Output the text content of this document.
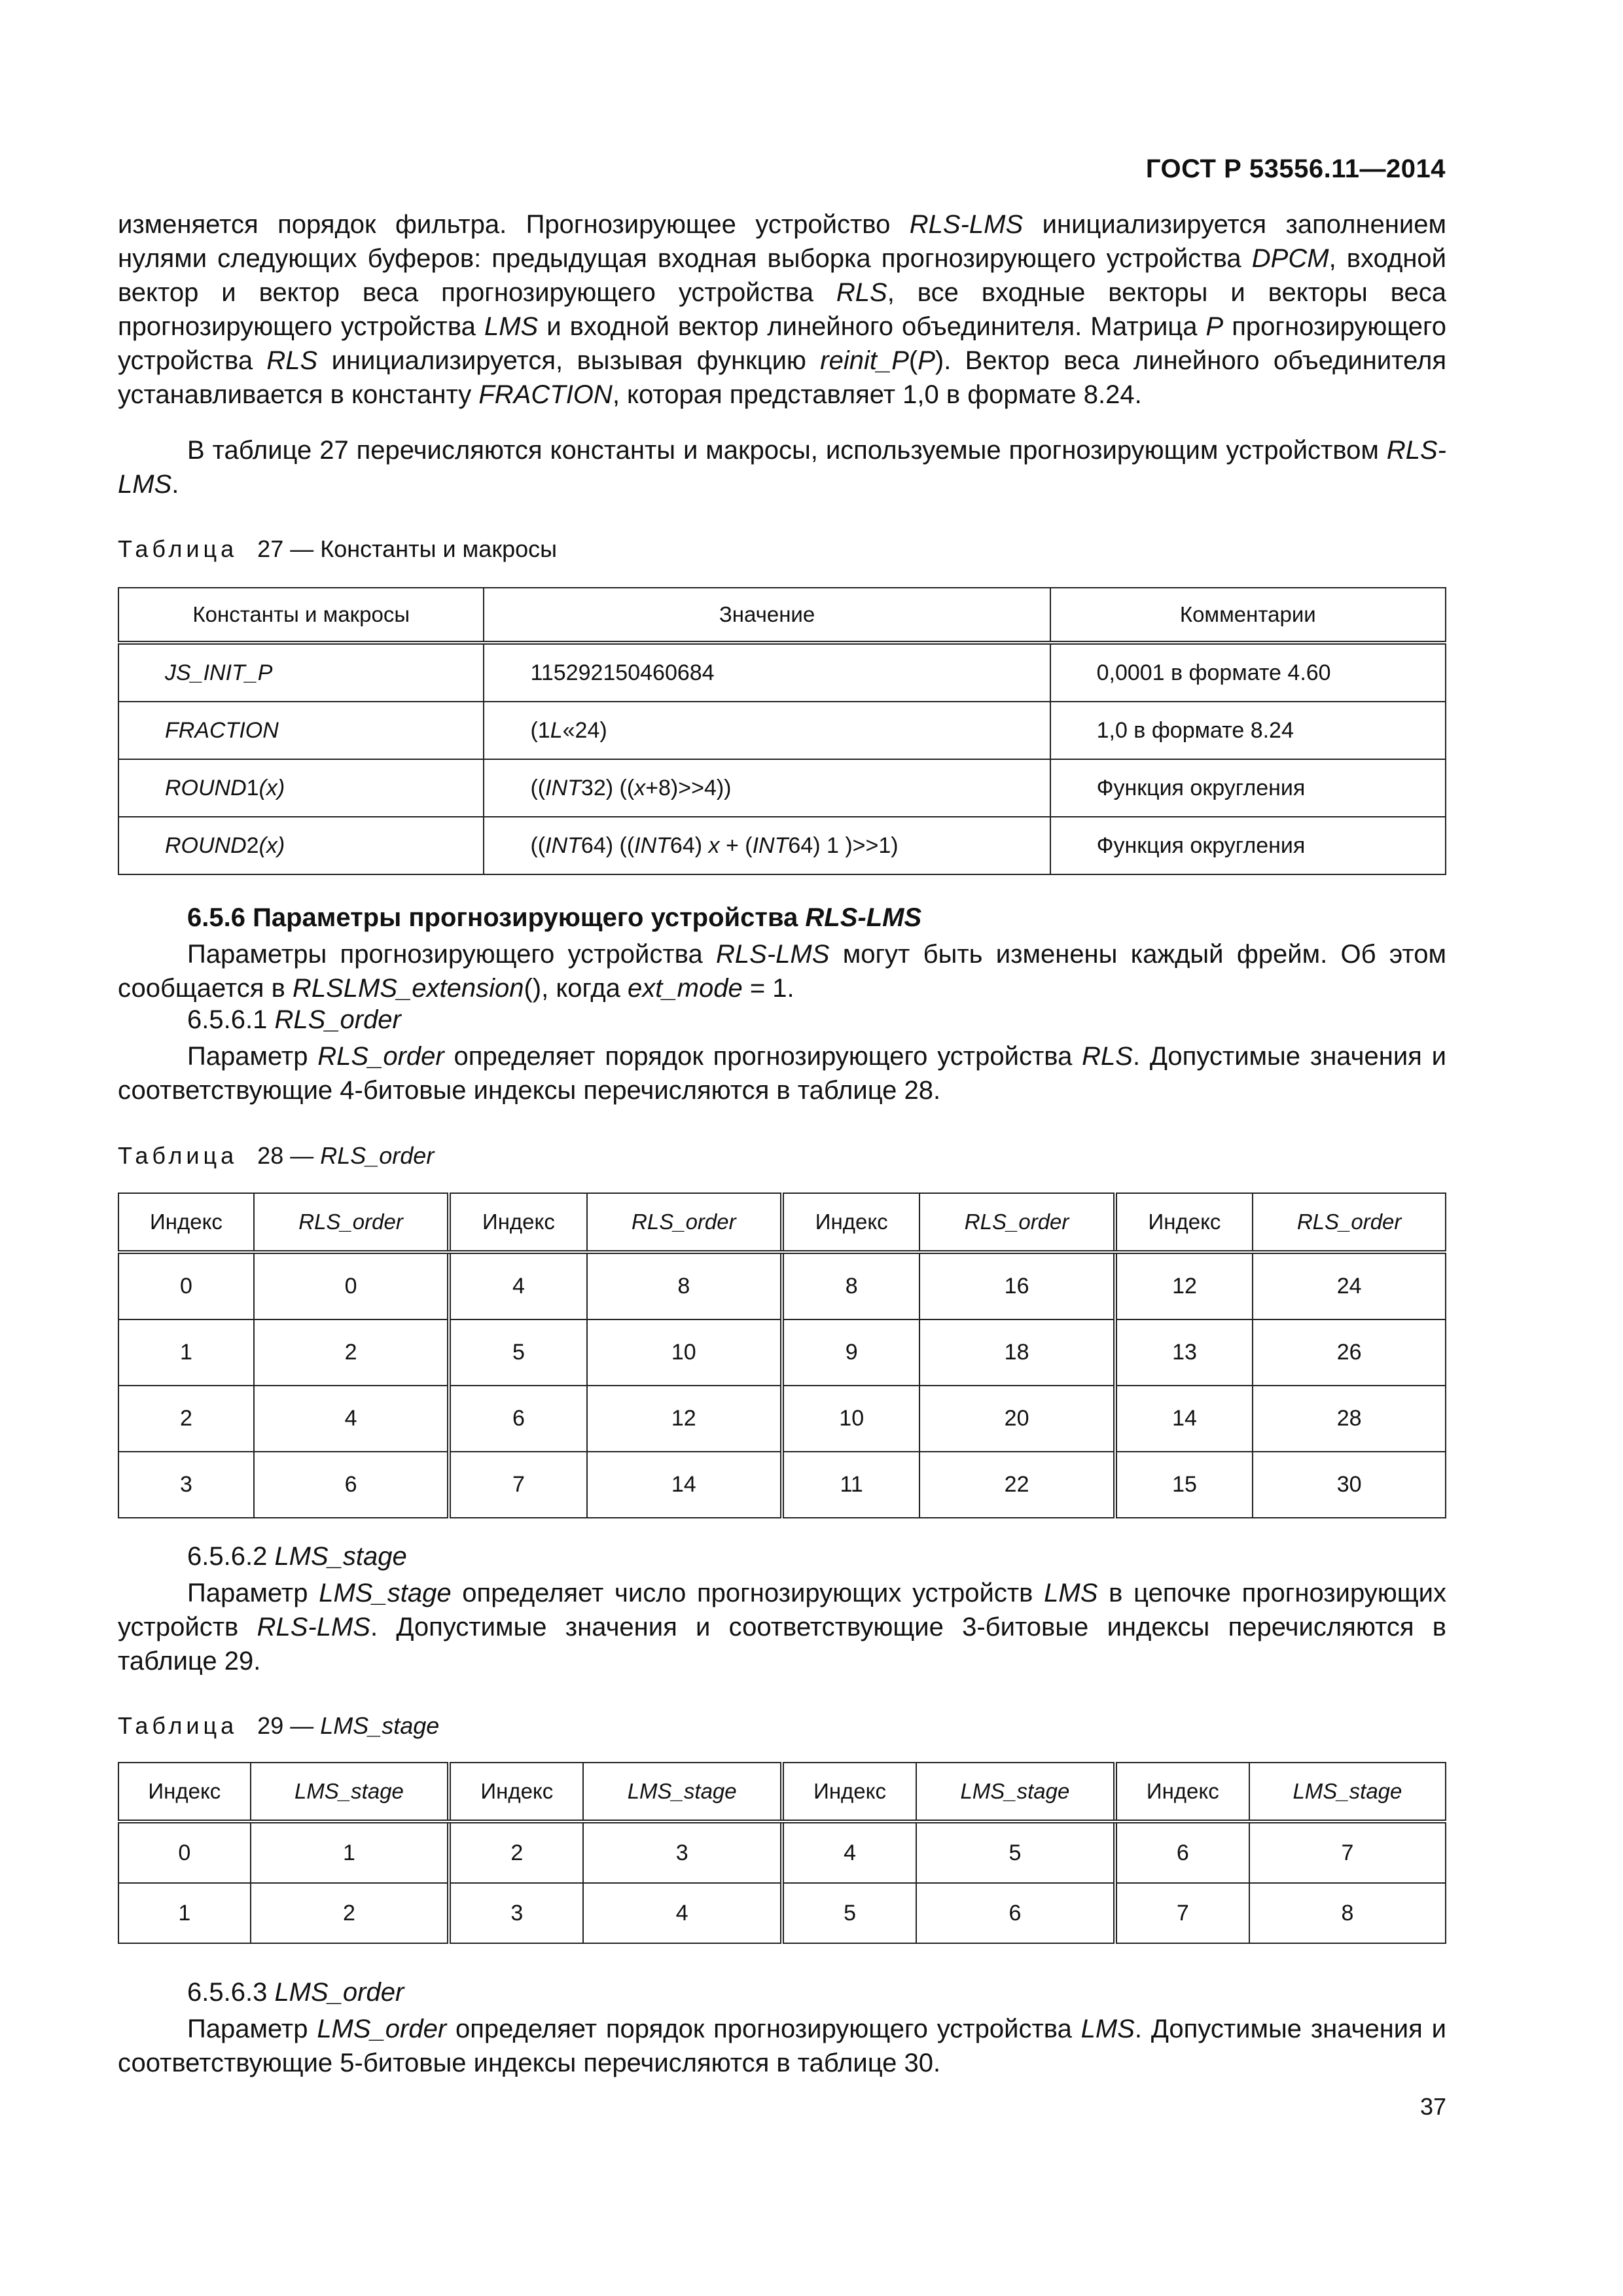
ГОСТ Р 53556.11—2014

изменяется порядок фильтра. Прогнозирующее устройство RLS-LMS инициализируется заполнением нулями следующих буферов: предыдущая входная выборка прогнозирующего устройства DPCM, входной вектор и вектор веса прогнозирующего устройства RLS, все входные векторы и векторы веса прогнозирующего устройства LMS и входной вектор линейного объединителя. Матрица P прогнозирующего устройства RLS инициализируется, вызывая функцию reinit_P(P). Вектор веса линейного объединителя устанавливается в константу FRACTION, которая представляет 1,0 в формате 8.24.

В таблице 27 перечисляются константы и макросы, используемые прогнозирующим устройством RLS-LMS.

Таблица 27 — Константы и макросы
Константы и макросы	Значение	Комментарии
JS_INIT_P	115292150460684	0,0001 в формате 4.60
FRACTION	(1L«24)	1,0 в формате 8.24
ROUND1(x)	((INT32) ((x+8)>>4))	Функция округления
ROUND2(x)	((INT64) ((INT64) x + (INT64) 1 )>>1)	Функция округления
6.5.6 Параметры прогнозирующего устройства RLS-LMS

Параметры прогнозирующего устройства RLS-LMS могут быть изменены каждый фрейм. Об этом сообщается в RLSLMS_extension(), когда ext_mode = 1.

6.5.6.1 RLS_order

Параметр RLS_order определяет порядок прогнозирующего устройства RLS. Допустимые значения и соответствующие 4-битовые индексы перечисляются в таблице 28.

Таблица 28 — RLS_order
Индекс	RLS_order	Индекс	RLS_order	Индекс	RLS_order	Индекс	RLS_order
0	0	4	8	8	16	12	24
1	2	5	10	9	18	13	26
2	4	6	12	10	20	14	28
3	6	7	14	11	22	15	30
6.5.6.2 LMS_stage

Параметр LMS_stage определяет число прогнозирующих устройств LMS в цепочке прогнозирующих устройств RLS-LMS. Допустимые значения и соответствующие 3-битовые индексы перечисляются в таблице 29.

Таблица 29 — LMS_stage
Индекс	LMS_stage	Индекс	LMS_stage	Индекс	LMS_stage	Индекс	LMS_stage
0	1	2	3	4	5	6	7
1	2	3	4	5	6	7	8
6.5.6.3 LMS_order

Параметр LMS_order определяет порядок прогнозирующего устройства LMS. Допустимые значения и соответствующие 5-битовые индексы перечисляются в таблице 30.

37
